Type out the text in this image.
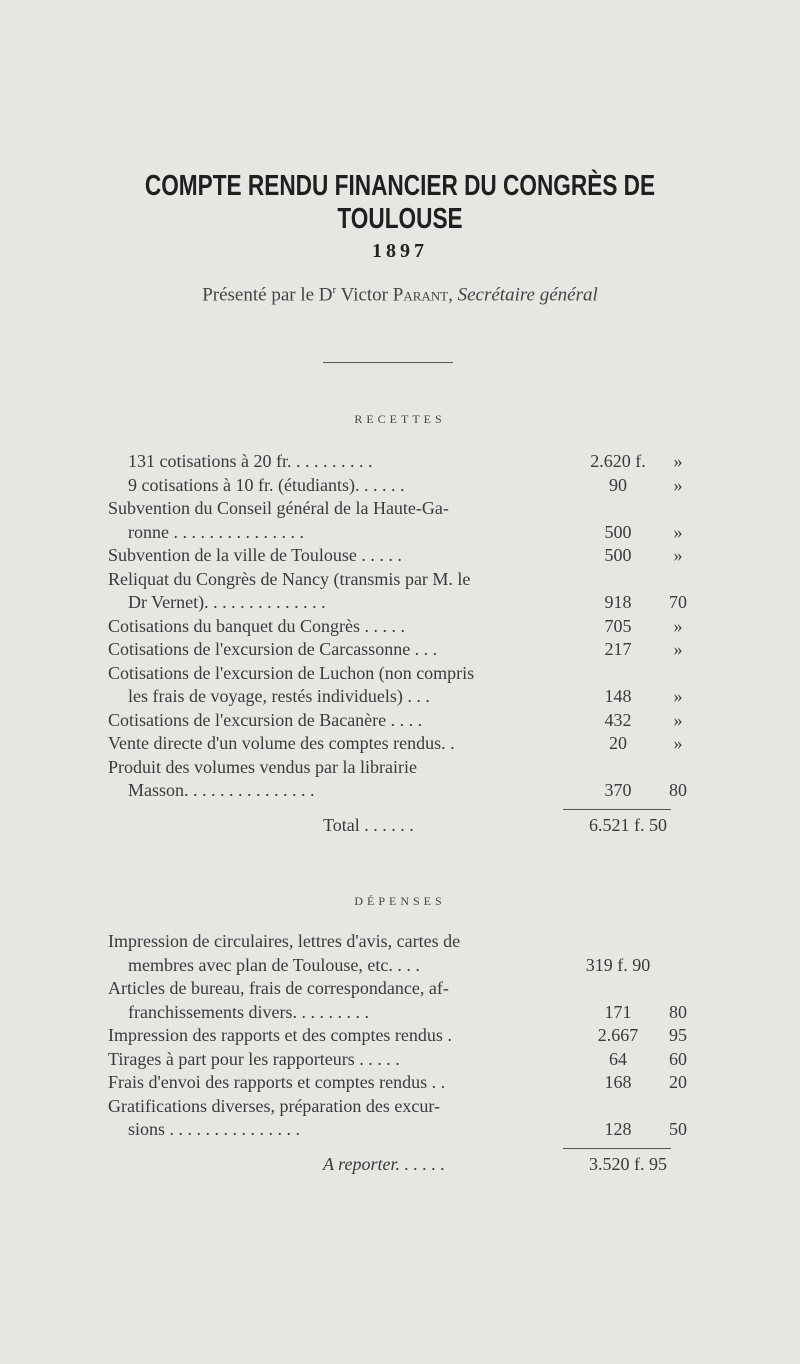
COMPTE RENDU FINANCIER DU CONGRÈS DE TOULOUSE
1897
Présenté par le $D^r$ Victor Parant, Secrétaire général
RECETTES
131 cotisations à 20 fr. . . . . . . . . .	2.620 f.	»
9 cotisations à 10 fr. (étudiants). . . . . .	90	»
Subvention du Conseil général de la Haute-Ga-
ronne . . . . . . . . . . . . . . .	500	»
Subvention de la ville de Toulouse . . . . .	500	»
Reliquat du Congrès de Nancy (transmis par M. le
Dr Vernet). . . . . . . . . . . . . .	918	70
Cotisations du banquet du Congrès . . . . .	705	»
Cotisations de l'excursion de Carcassonne . . .	217	»
Cotisations de l'excursion de Luchon (non compris
les frais de voyage, restés individuels) . . .	148	»
Cotisations de l'excursion de Bacanère . . . .	432	»
Vente directe d'un volume des comptes rendus. .	20	»
Produit des volumes vendus par la librairie
Masson. . . . . . . . . . . . . . .	370	80
Total . . . . . .	6.521 f. 50
DÉPENSES
Impression de circulaires, lettres d'avis, cartes de
membres avec plan de Toulouse, etc. . . .	319 f. 90
Articles de bureau, frais de correspondance, af-
franchissements divers. . . . . . . . .	171	80
Impression des rapports et des comptes rendus .	2.667	95
Tirages à part pour les rapporteurs . . . . .	64	60
Frais d'envoi des rapports et comptes rendus . .	168	20
Gratifications diverses, préparation des excur-
sions . . . . . . . . . . . . . . .	128	50
A reporter. . . . . .	3.520 f. 95
